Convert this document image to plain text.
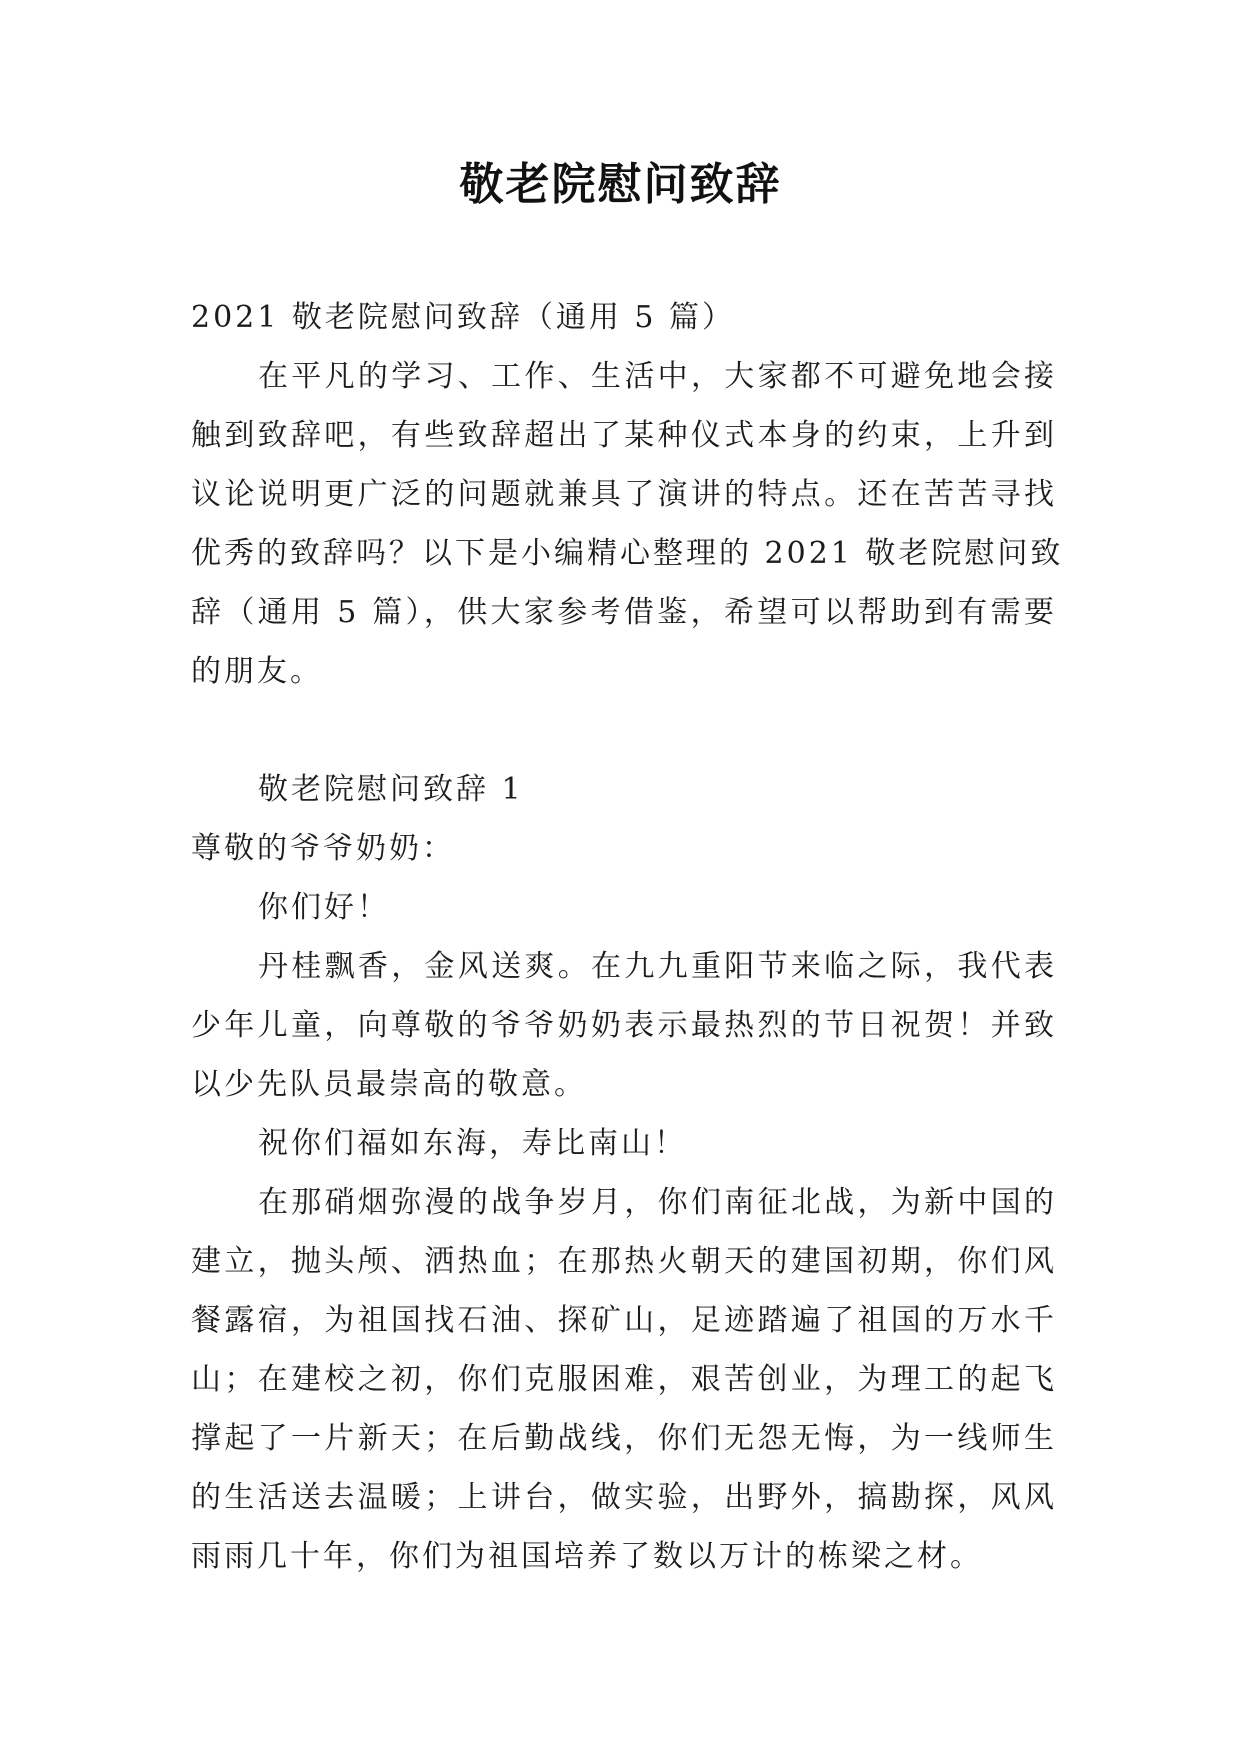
敬老院慰问致辞
2021 敬老院慰问致辞（通用 5 篇）
在平凡的学习、工作、生活中，大家都不可避免地会接
触到致辞吧，有些致辞超出了某种仪式本身的约束，上升到
议论说明更广泛的问题就兼具了演讲的特点。还在苦苦寻找
优秀的致辞吗？以下是小编精心整理的 2021 敬老院慰问致
辞（通用 5 篇），供大家参考借鉴，希望可以帮助到有需要
的朋友。
敬老院慰问致辞 1
尊敬的爷爷奶奶：
你们好！
丹桂飘香，金风送爽。在九九重阳节来临之际，我代表
少年儿童，向尊敬的爷爷奶奶表示最热烈的节日祝贺！并致
以少先队员最崇高的敬意。
祝你们福如东海，寿比南山！
在那硝烟弥漫的战争岁月，你们南征北战，为新中国的
建立，抛头颅、洒热血；在那热火朝天的建国初期，你们风
餐露宿，为祖国找石油、探矿山，足迹踏遍了祖国的万水千
山；在建校之初，你们克服困难，艰苦创业，为理工的起飞
撑起了一片新天；在后勤战线，你们无怨无悔，为一线师生
的生活送去温暖；上讲台，做实验，出野外，搞勘探，风风
雨雨几十年，你们为祖国培养了数以万计的栋梁之材。
